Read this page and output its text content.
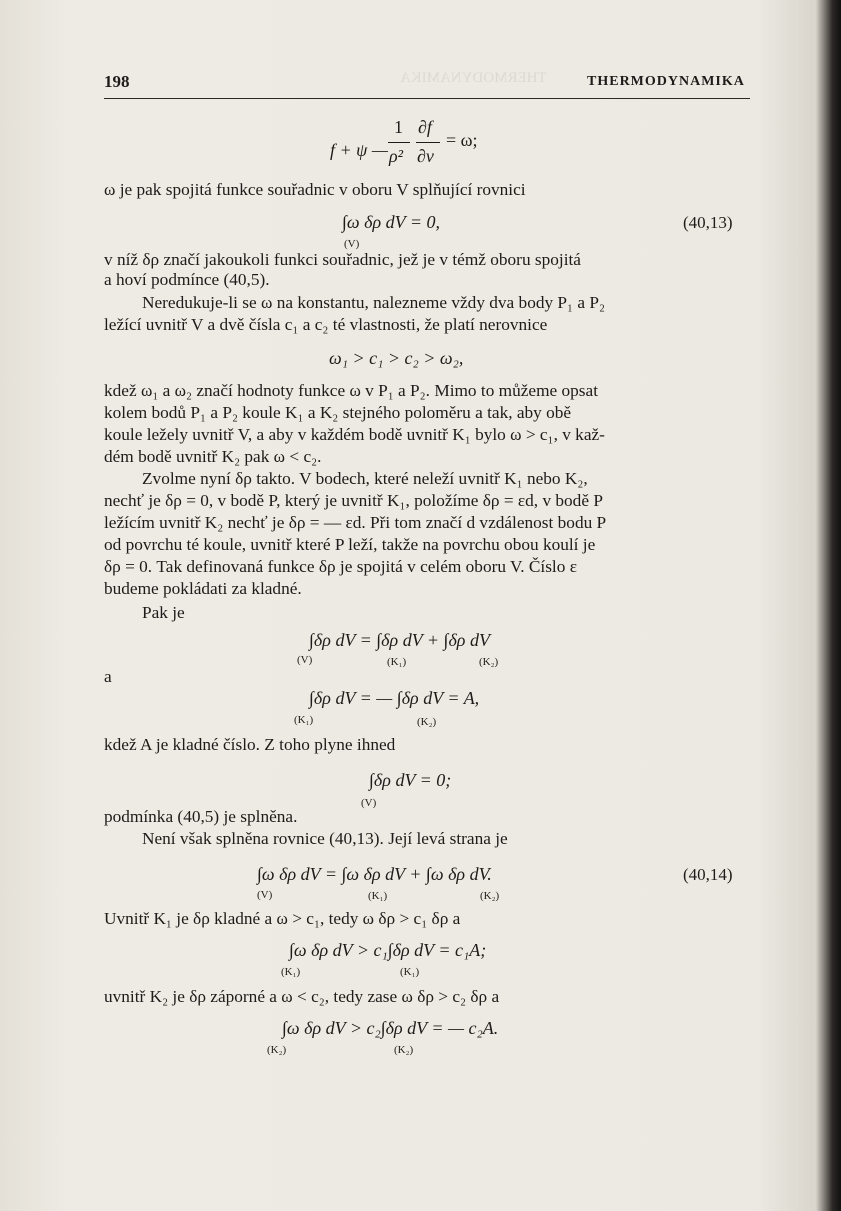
THERMODYNAMIKA
198	THERMODYNAMIKA
f + ψ —
1
ρ²
∂f
∂v
= ω;
ω je pak spojitá funkce souřadnic v oboru V splňující rovnici
∫ω δρ dV = 0,
(V)
(40,13)
v níž δρ značí jakoukoli funkci souřadnic, jež je v témž oboru spojitá
a hoví podmínce (40,5).
Neredukuje-li se ω na konstantu, nalezneme vždy dva body P₁ a P₂
ležící uvnitř V a dvě čísla c₁ a c₂ té vlastnosti, že platí nerovnice
ω₁ > c₁ > c₂ > ω₂,
kdež ω₁ a ω₂ značí hodnoty funkce ω v P₁ a P₂. Mimo to můžeme opsat
kolem bodů P₁ a P₂ koule K₁ a K₂ stejného poloměru a tak, aby obě
koule ležely uvnitř V, a aby v každém bodě uvnitř K₁ bylo ω > c₁, v kaž-
dém bodě uvnitř K₂ pak ω < c₂.
Zvolme nyní δρ takto. V bodech, které neleží uvnitř K₁ nebo K₂,
nechť je δρ = 0, v bodě P, který je uvnitř K₁, položíme δρ = εd, v bodě P
ležícím uvnitř K₂ nechť je δρ = — εd. Při tom značí d vzdálenost bodu P
od povrchu té koule, uvnitř které P leží, takže na povrchu obou koulí je
δρ = 0. Tak definovaná funkce δρ je spojitá v celém oboru V. Číslo ε
budeme pokládati za kladné.
Pak je
∫δρ dV = ∫δρ dV + ∫δρ dV
(V)	(K₁)	(K₂)
a
∫δρ dV = — ∫δρ dV = A,
(K₁)	(K₂)
kdež A je kladné číslo. Z toho plyne ihned
∫δρ dV = 0;
(V)
podmínka (40,5) je splněna.
Není však splněna rovnice (40,13). Její levá strana je
∫ω δρ dV = ∫ω δρ dV + ∫ω δρ dV.
(V)	(K₁)	(K₂)
(40,14)
Uvnitř K₁ je δρ kladné a ω > c₁, tedy ω δρ > c₁ δρ a
∫ω δρ dV > c₁∫δρ dV = c₁A;
(K₁)	(K₁)
uvnitř K₂ je δρ záporné a ω < c₂, tedy zase ω δρ > c₂ δρ a
∫ω δρ dV > c₂∫δρ dV = — c₂A.
(K₂)	(K₂)
